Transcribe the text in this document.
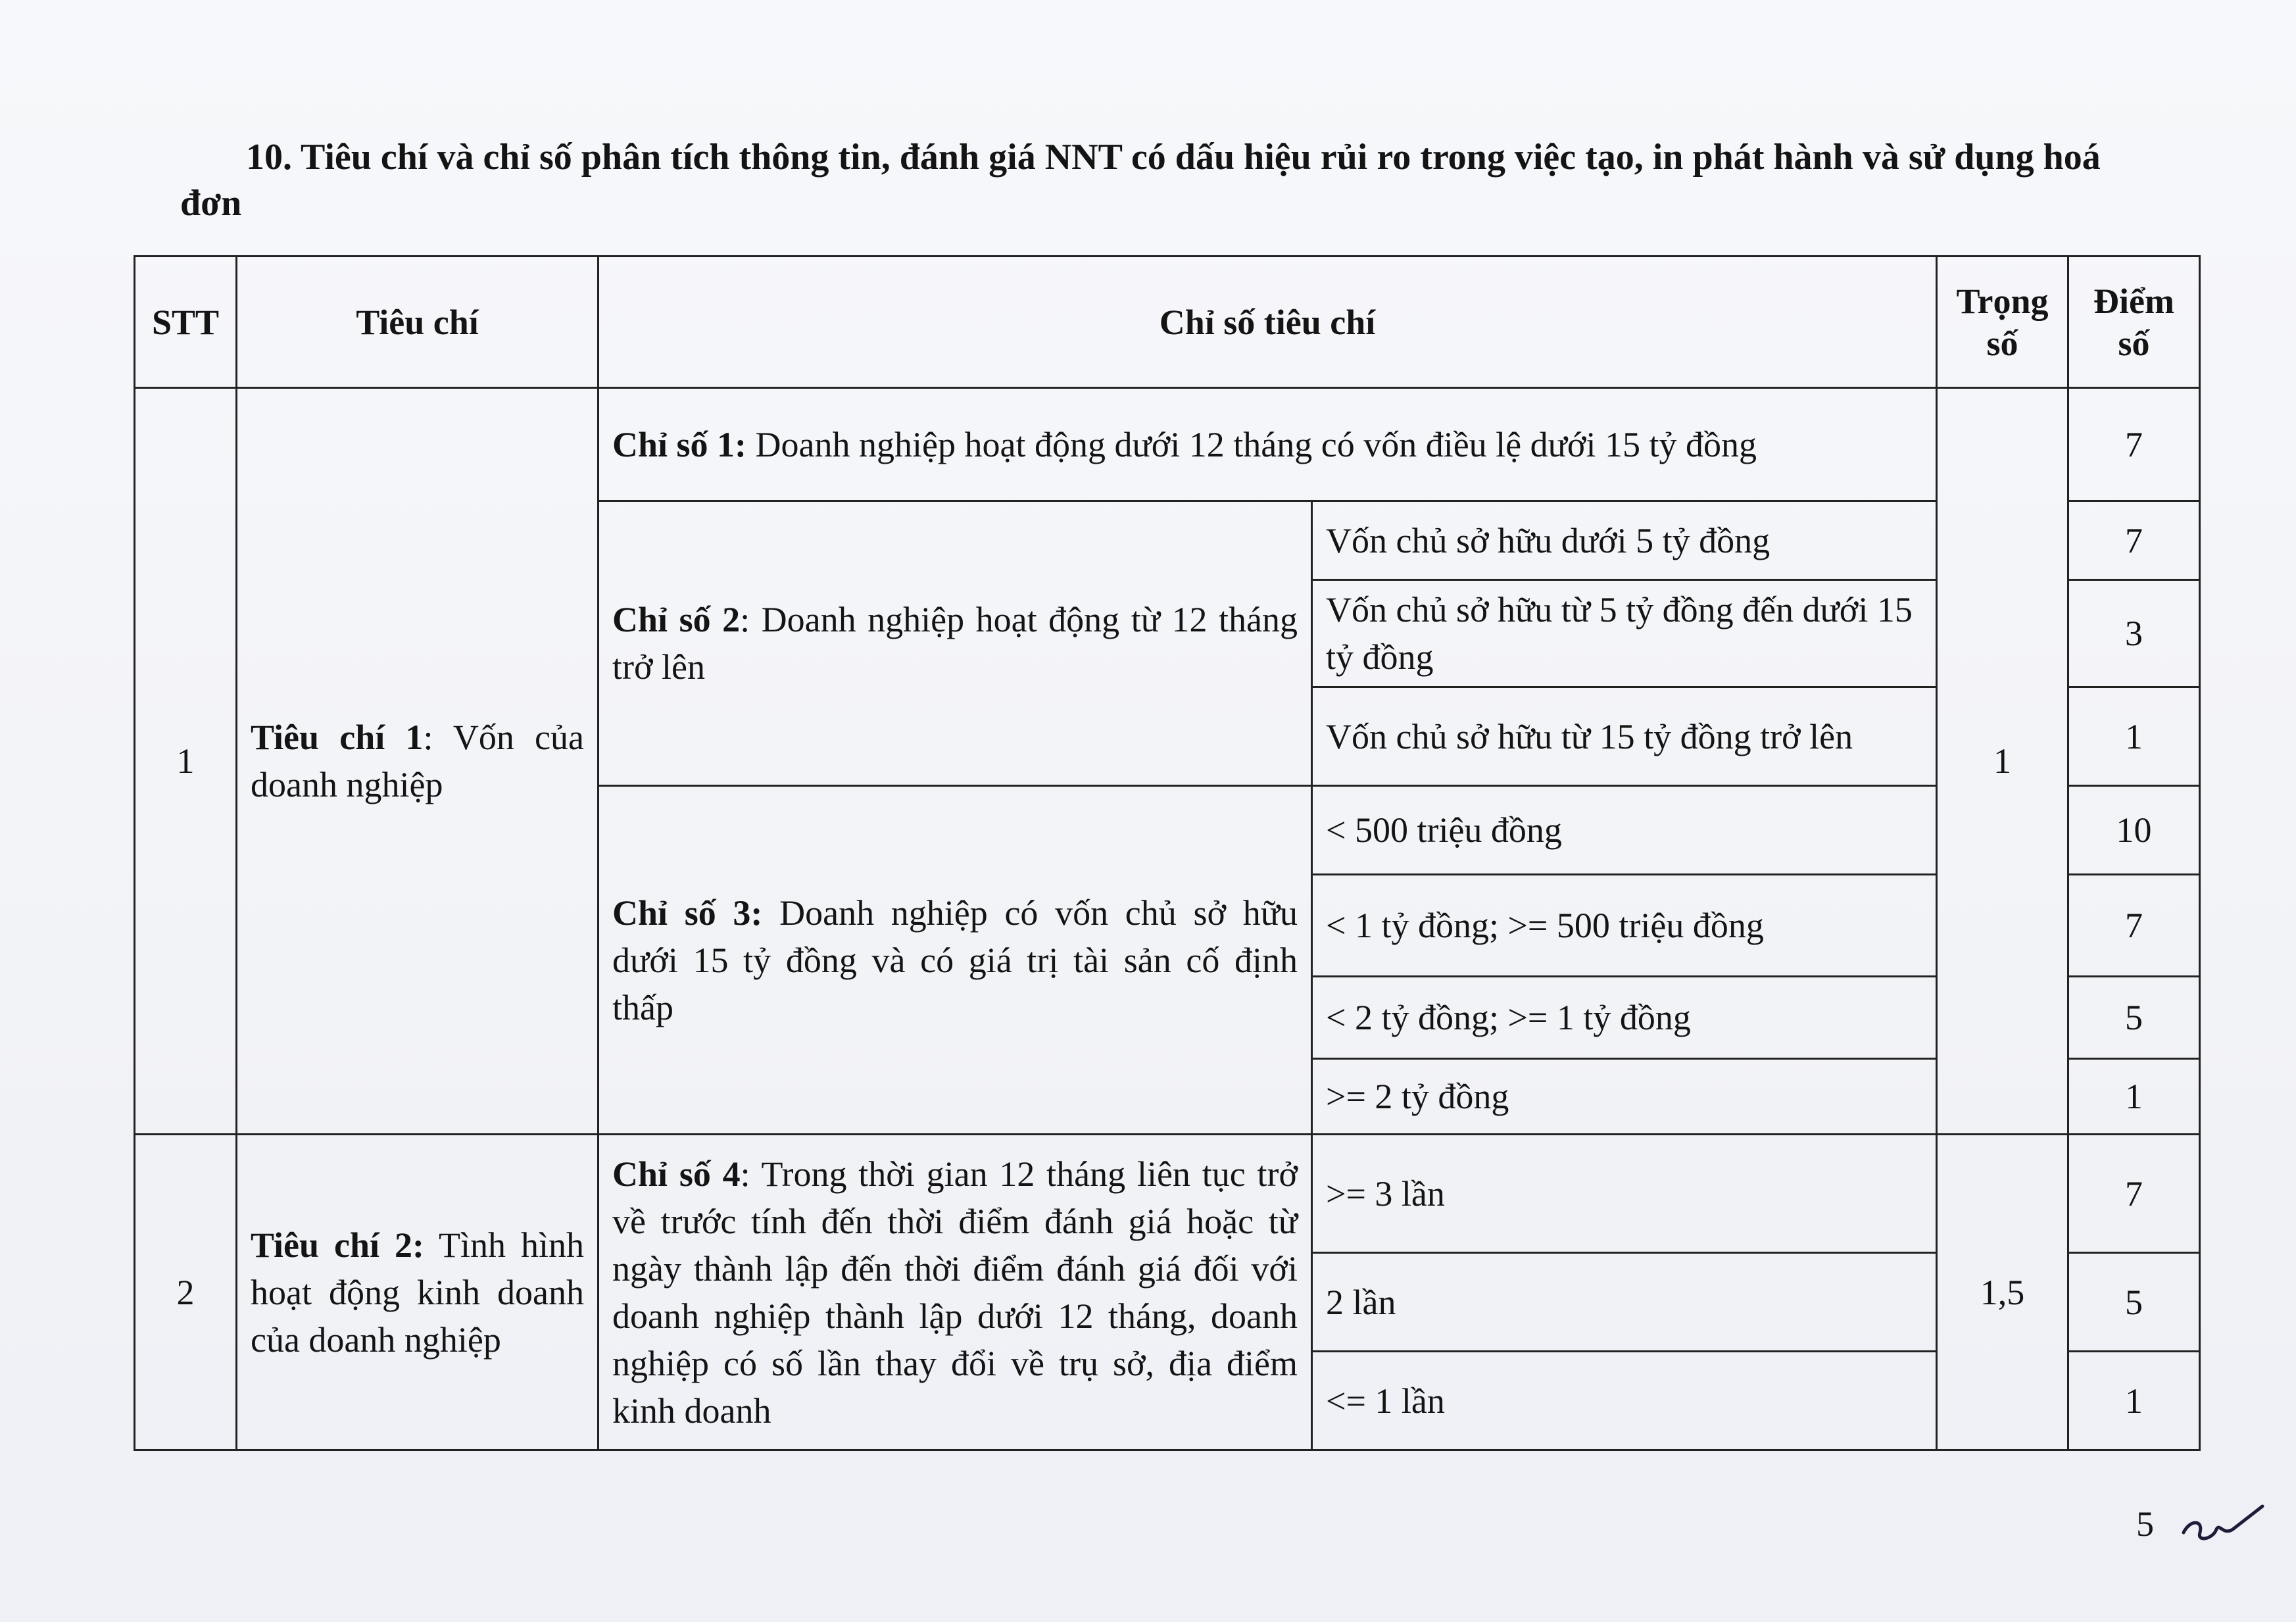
10. Tiêu chí và chỉ số phân tích thông tin, đánh giá NNT có dấu hiệu rủi ro trong việc tạo, in phát hành và sử dụng hoá đơn
STT	Tiêu chí	Chỉ số tiêu chí		Trọng số	Điểm số
1	Tiêu chí 1: Vốn của doanh nghiệp	Chỉ số 1: Doanh nghiệp hoạt động dưới 12 tháng có vốn điều lệ dưới 15 tỷ đồng		1	7
		Chỉ số 2: Doanh nghiệp hoạt động từ 12 tháng trở lên	Vốn chủ sở hữu dưới 5 tỷ đồng		7
			Vốn chủ sở hữu từ 5 tỷ đồng đến dưới 15 tỷ đồng		3
			Vốn chủ sở hữu từ 15 tỷ đồng trở lên		1
		Chỉ số 3: Doanh nghiệp có vốn chủ sở hữu dưới 15 tỷ đồng và có giá trị tài sản cố định thấp	< 500 triệu đồng		10
			< 1 tỷ đồng; >= 500 triệu đồng		7
			< 2 tỷ đồng; >= 1 tỷ đồng		5
			>= 2 tỷ đồng		1
2	Tiêu chí 2: Tình hình hoạt động kinh doanh của doanh nghiệp	Chỉ số 4: Trong thời gian 12 tháng liên tục trở về trước tính đến thời điểm đánh giá hoặc từ ngày thành lập đến thời điểm đánh giá đối với doanh nghiệp thành lập dưới 12 tháng, doanh nghiệp có số lần thay đổi về trụ sở, địa điểm kinh doanh	>= 3 lần	1,5	7
			2 lần		5
			<= 1 lần		1
5
